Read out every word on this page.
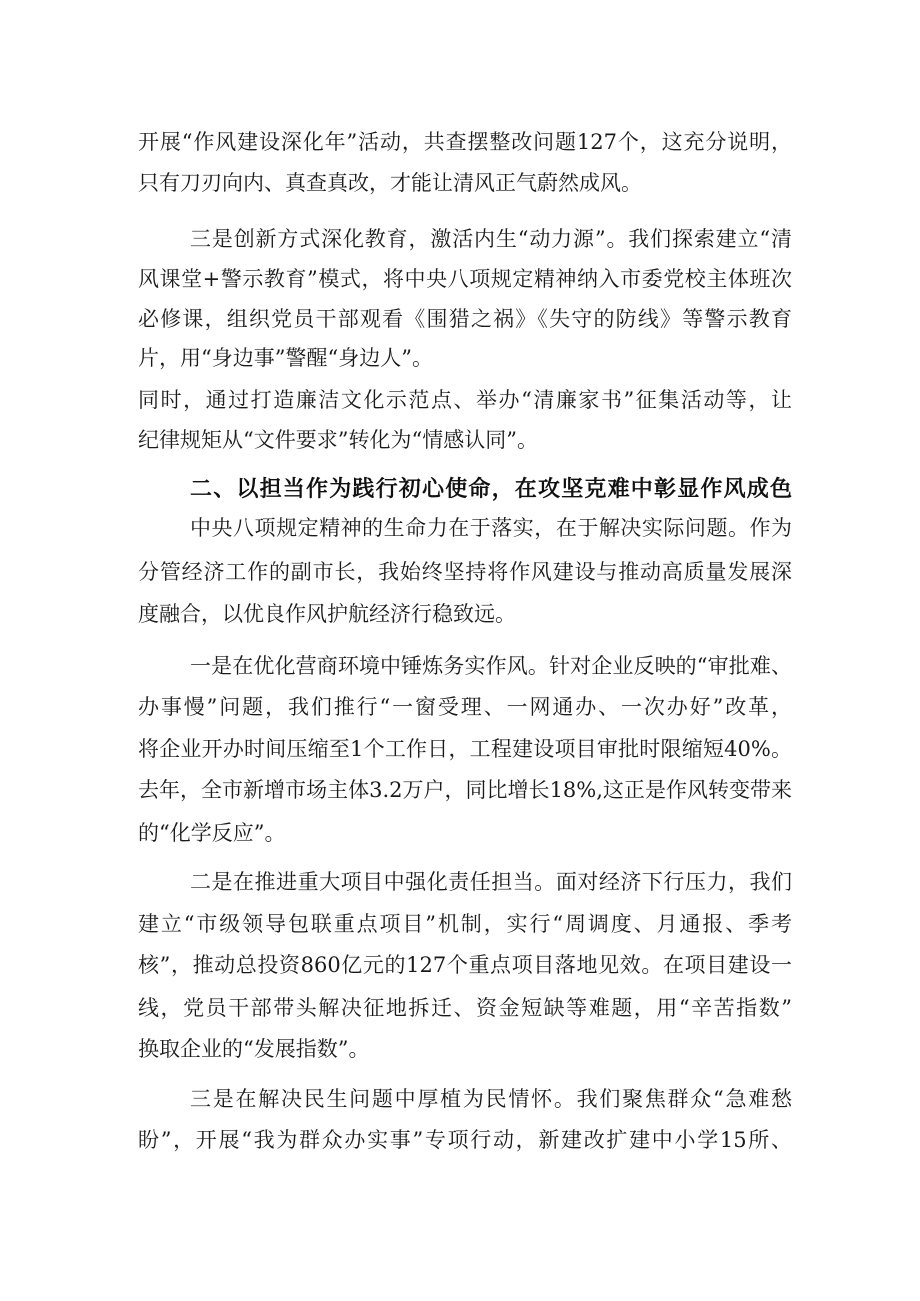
开展“作风建设深化年”活动，共查摆整改问题127个，这充分说明，
只有刀刃向内、真查真改，才能让清风正气蔚然成风。
三是创新方式深化教育，激活内生“动力源”。我们探索建立“清
风课堂+警示教育”模式，将中央八项规定精神纳入市委党校主体班次
必修课，组织党员干部观看《围猎之祸》《失守的防线》等警示教育
片，用“身边事”警醒“身边人”。
同时，通过打造廉洁文化示范点、举办“清廉家书”征集活动等，让
纪律规矩从“文件要求”转化为“情感认同”。
二、以担当作为践行初心使命，在攻坚克难中彰显作风成色
中央八项规定精神的生命力在于落实，在于解决实际问题。作为
分管经济工作的副市长，我始终坚持将作风建设与推动高质量发展深
度融合，以优良作风护航经济行稳致远。
一是在优化营商环境中锤炼务实作风。针对企业反映的“审批难、
办事慢”问题，我们推行“一窗受理、一网通办、一次办好”改革，
将企业开办时间压缩至1个工作日，工程建设项目审批时限缩短40%。
去年，全市新增市场主体3.2万户，同比增长18%,这正是作风转变带来
的“化学反应”。
二是在推进重大项目中强化责任担当。面对经济下行压力，我们
建立“市级领导包联重点项目”机制，实行“周调度、月通报、季考
核”，推动总投资860亿元的127个重点项目落地见效。在项目建设一
线，党员干部带头解决征地拆迁、资金短缺等难题，用“辛苦指数”
换取企业的“发展指数”。
三是在解决民生问题中厚植为民情怀。我们聚焦群众“急难愁
盼”，开展“我为群众办实事”专项行动，新建改扩建中小学15所、
